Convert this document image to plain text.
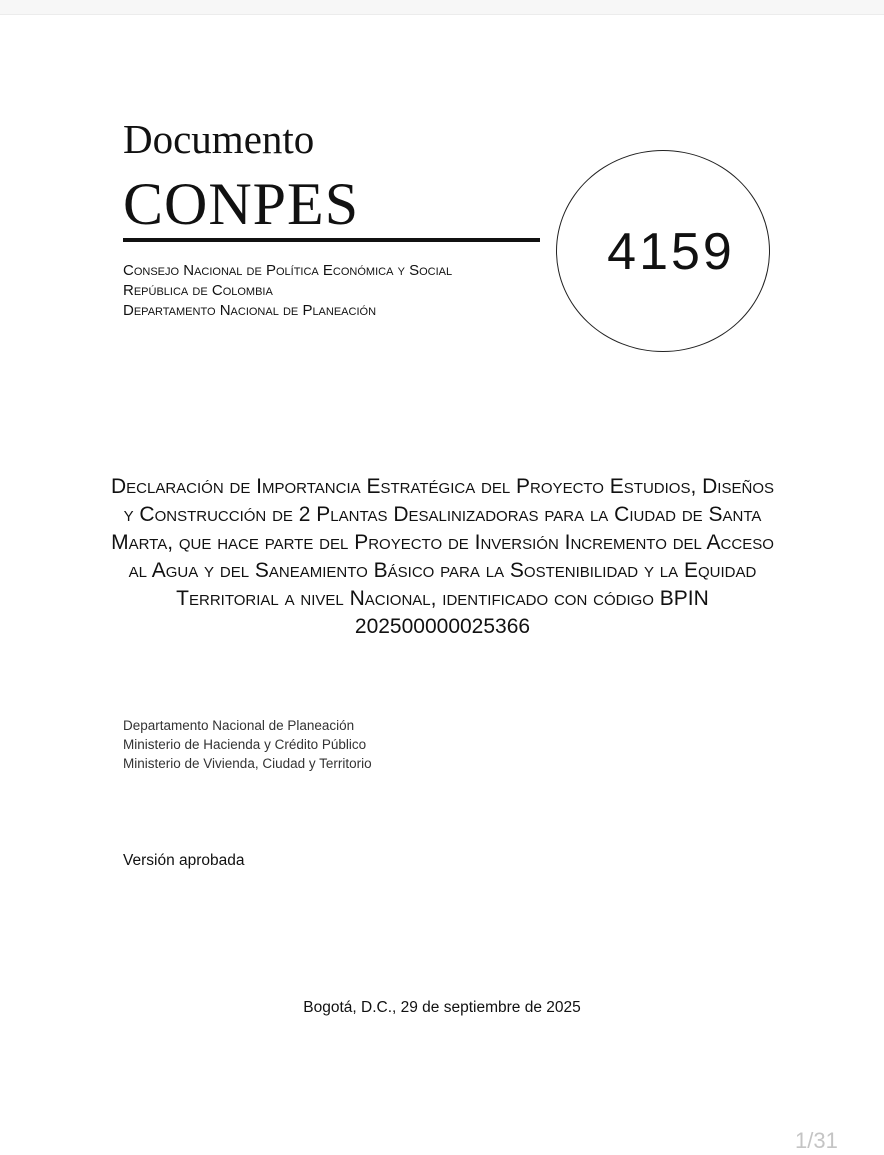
Documento
CONPES
Consejo Nacional de Política Económica y Social
República de Colombia
Departamento Nacional de Planeación
4159
Declaración de Importancia Estratégica del Proyecto Estudios, Diseños y Construcción de 2 Plantas Desalinizadoras para la Ciudad de Santa Marta, que hace parte del Proyecto de Inversión Incremento del Acceso al Agua y del Saneamiento Básico para la Sostenibilidad y la Equidad Territorial a nivel Nacional, identificado con código BPIN 202500000025366
Departamento Nacional de Planeación
Ministerio de Hacienda y Crédito Público
Ministerio de Vivienda, Ciudad y Territorio
Versión aprobada
Bogotá, D.C., 29 de septiembre de 2025
1/31
